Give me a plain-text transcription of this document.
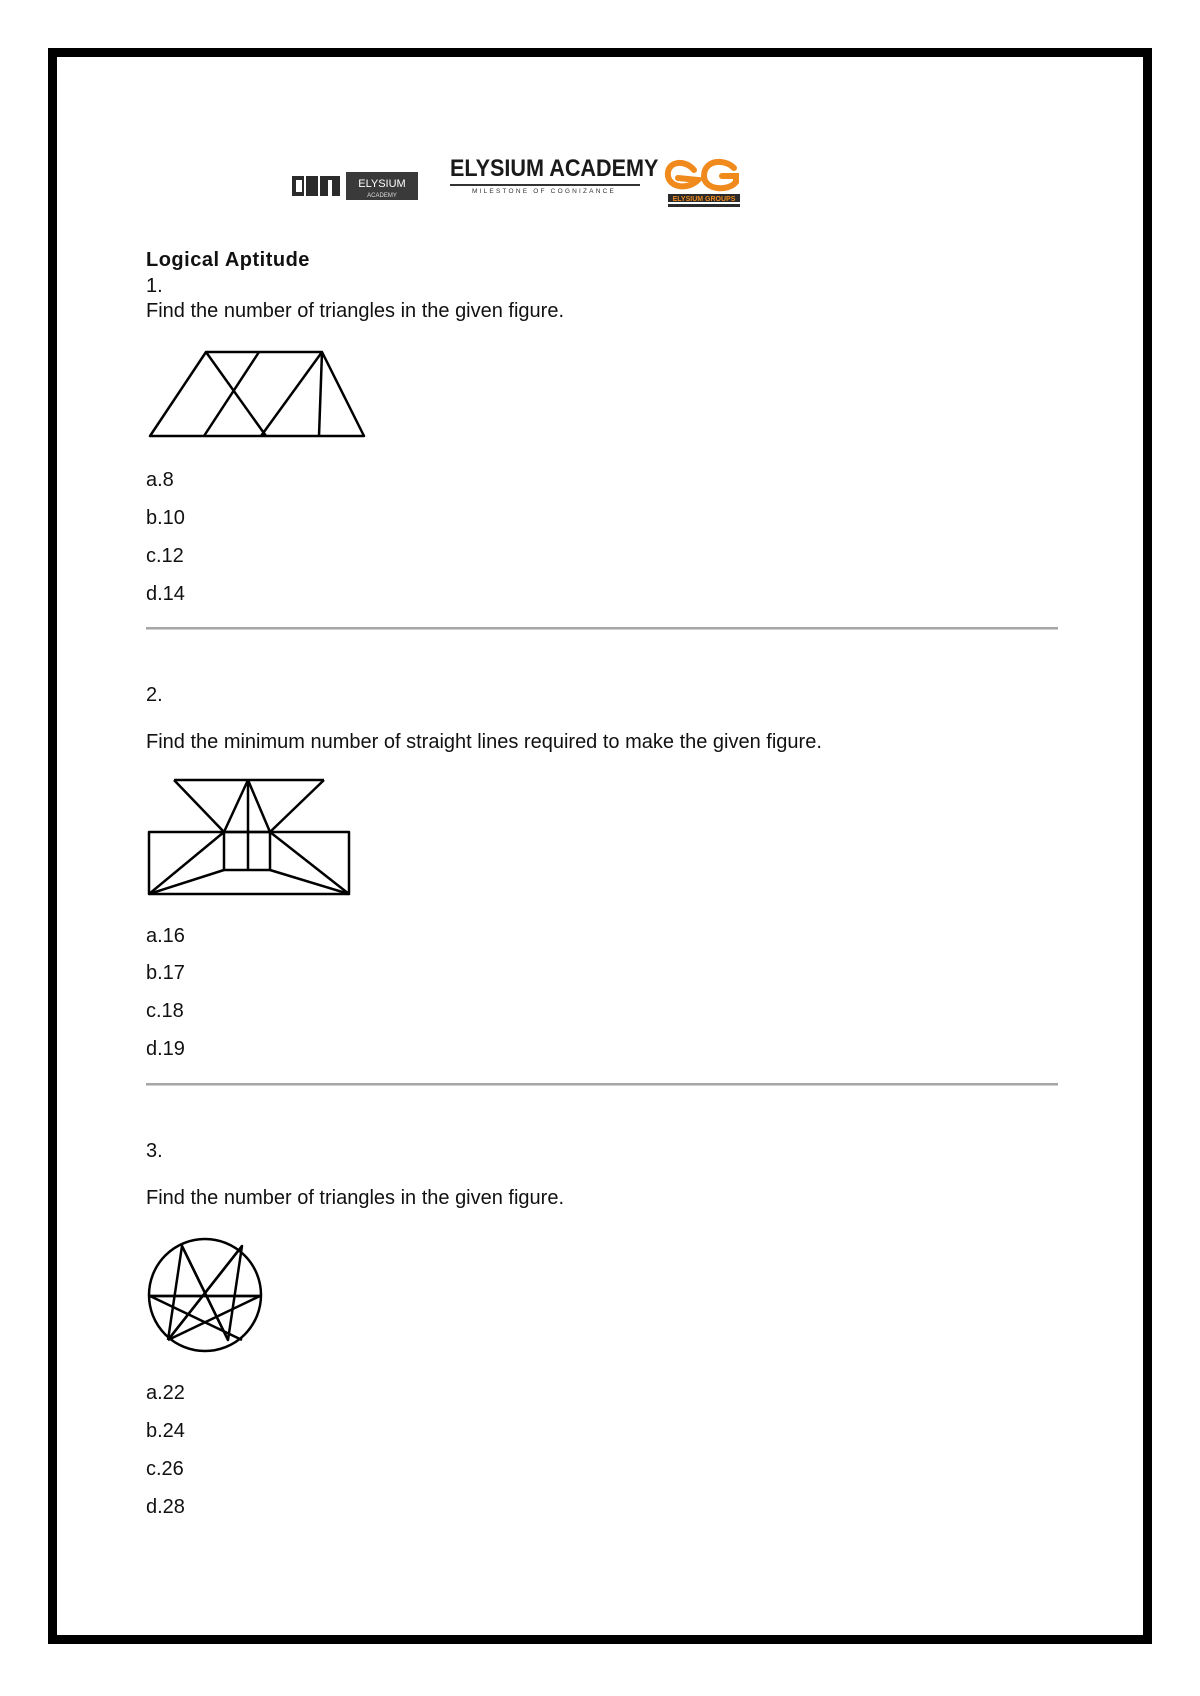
ELYSIUM
ACADEMY
ELYSIUM ACADEMY
MILESTONE OF COGNIZANCE
ELYSIUM GROUPS
Logical Aptitude
1.
Find the number of triangles in the given figure.
a.8
b.10
c.12
d.14
2.
Find the minimum number of straight lines required to make the given figure.
a.16
b.17
c.18
d.19
3.
Find the number of triangles in the given figure.
a.22
b.24
c.26
d.28
